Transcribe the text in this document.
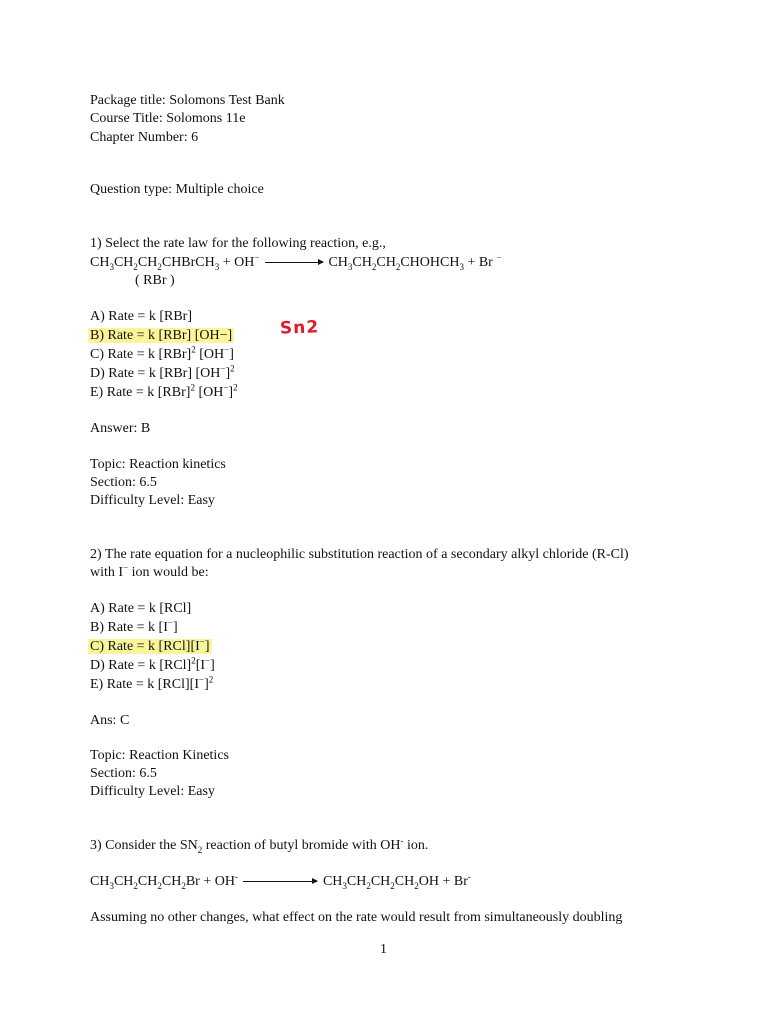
Package title: Solomons Test Bank
Course Title: Solomons 11e
Chapter Number: 6
Question type: Multiple choice
1) Select the rate law for the following reaction, e.g.,
$CH_3CH_2CH_2CHBrCH_3 + OH^-$	$CH_3CH_2CH_2CHOHCH_3 + Br$ −
( RBr )
A) Rate = k [RBr]
B) Rate = k [RBr] [OH−]
C) Rate = k [RBr]$^2$ [OH−]
D) Rate = k [RBr] $[OH^-]^2$
E) Rate = k [RBr]$^2$ $[OH^-]^2$
Sn2
Answer: B
Topic: Reaction kinetics
Section: 6.5
Difficulty Level: Easy
2) The rate equation for a nucleophilic substitution reaction of a secondary alkyl chloride (R-Cl)
with I− ion would be:
A) Rate = k [RCl]
B) Rate = k [I−]
C) Rate = k [RCl][I−]
D) Rate = k [RCl]$^2$[I−]
E) Rate = k $[RCl][I^-]^2$
Ans: C
Topic: Reaction Kinetics
Section: 6.5
Difficulty Level: Easy
3) Consider the $SN_2$ reaction of butyl bromide with OH- ion.
$CH_3CH_2CH_2CH_2Br + OH^-$	$CH_3CH_2CH_2CH_2OH + Br^-$
Assuming no other changes, what effect on the rate would result from simultaneously doubling
1
